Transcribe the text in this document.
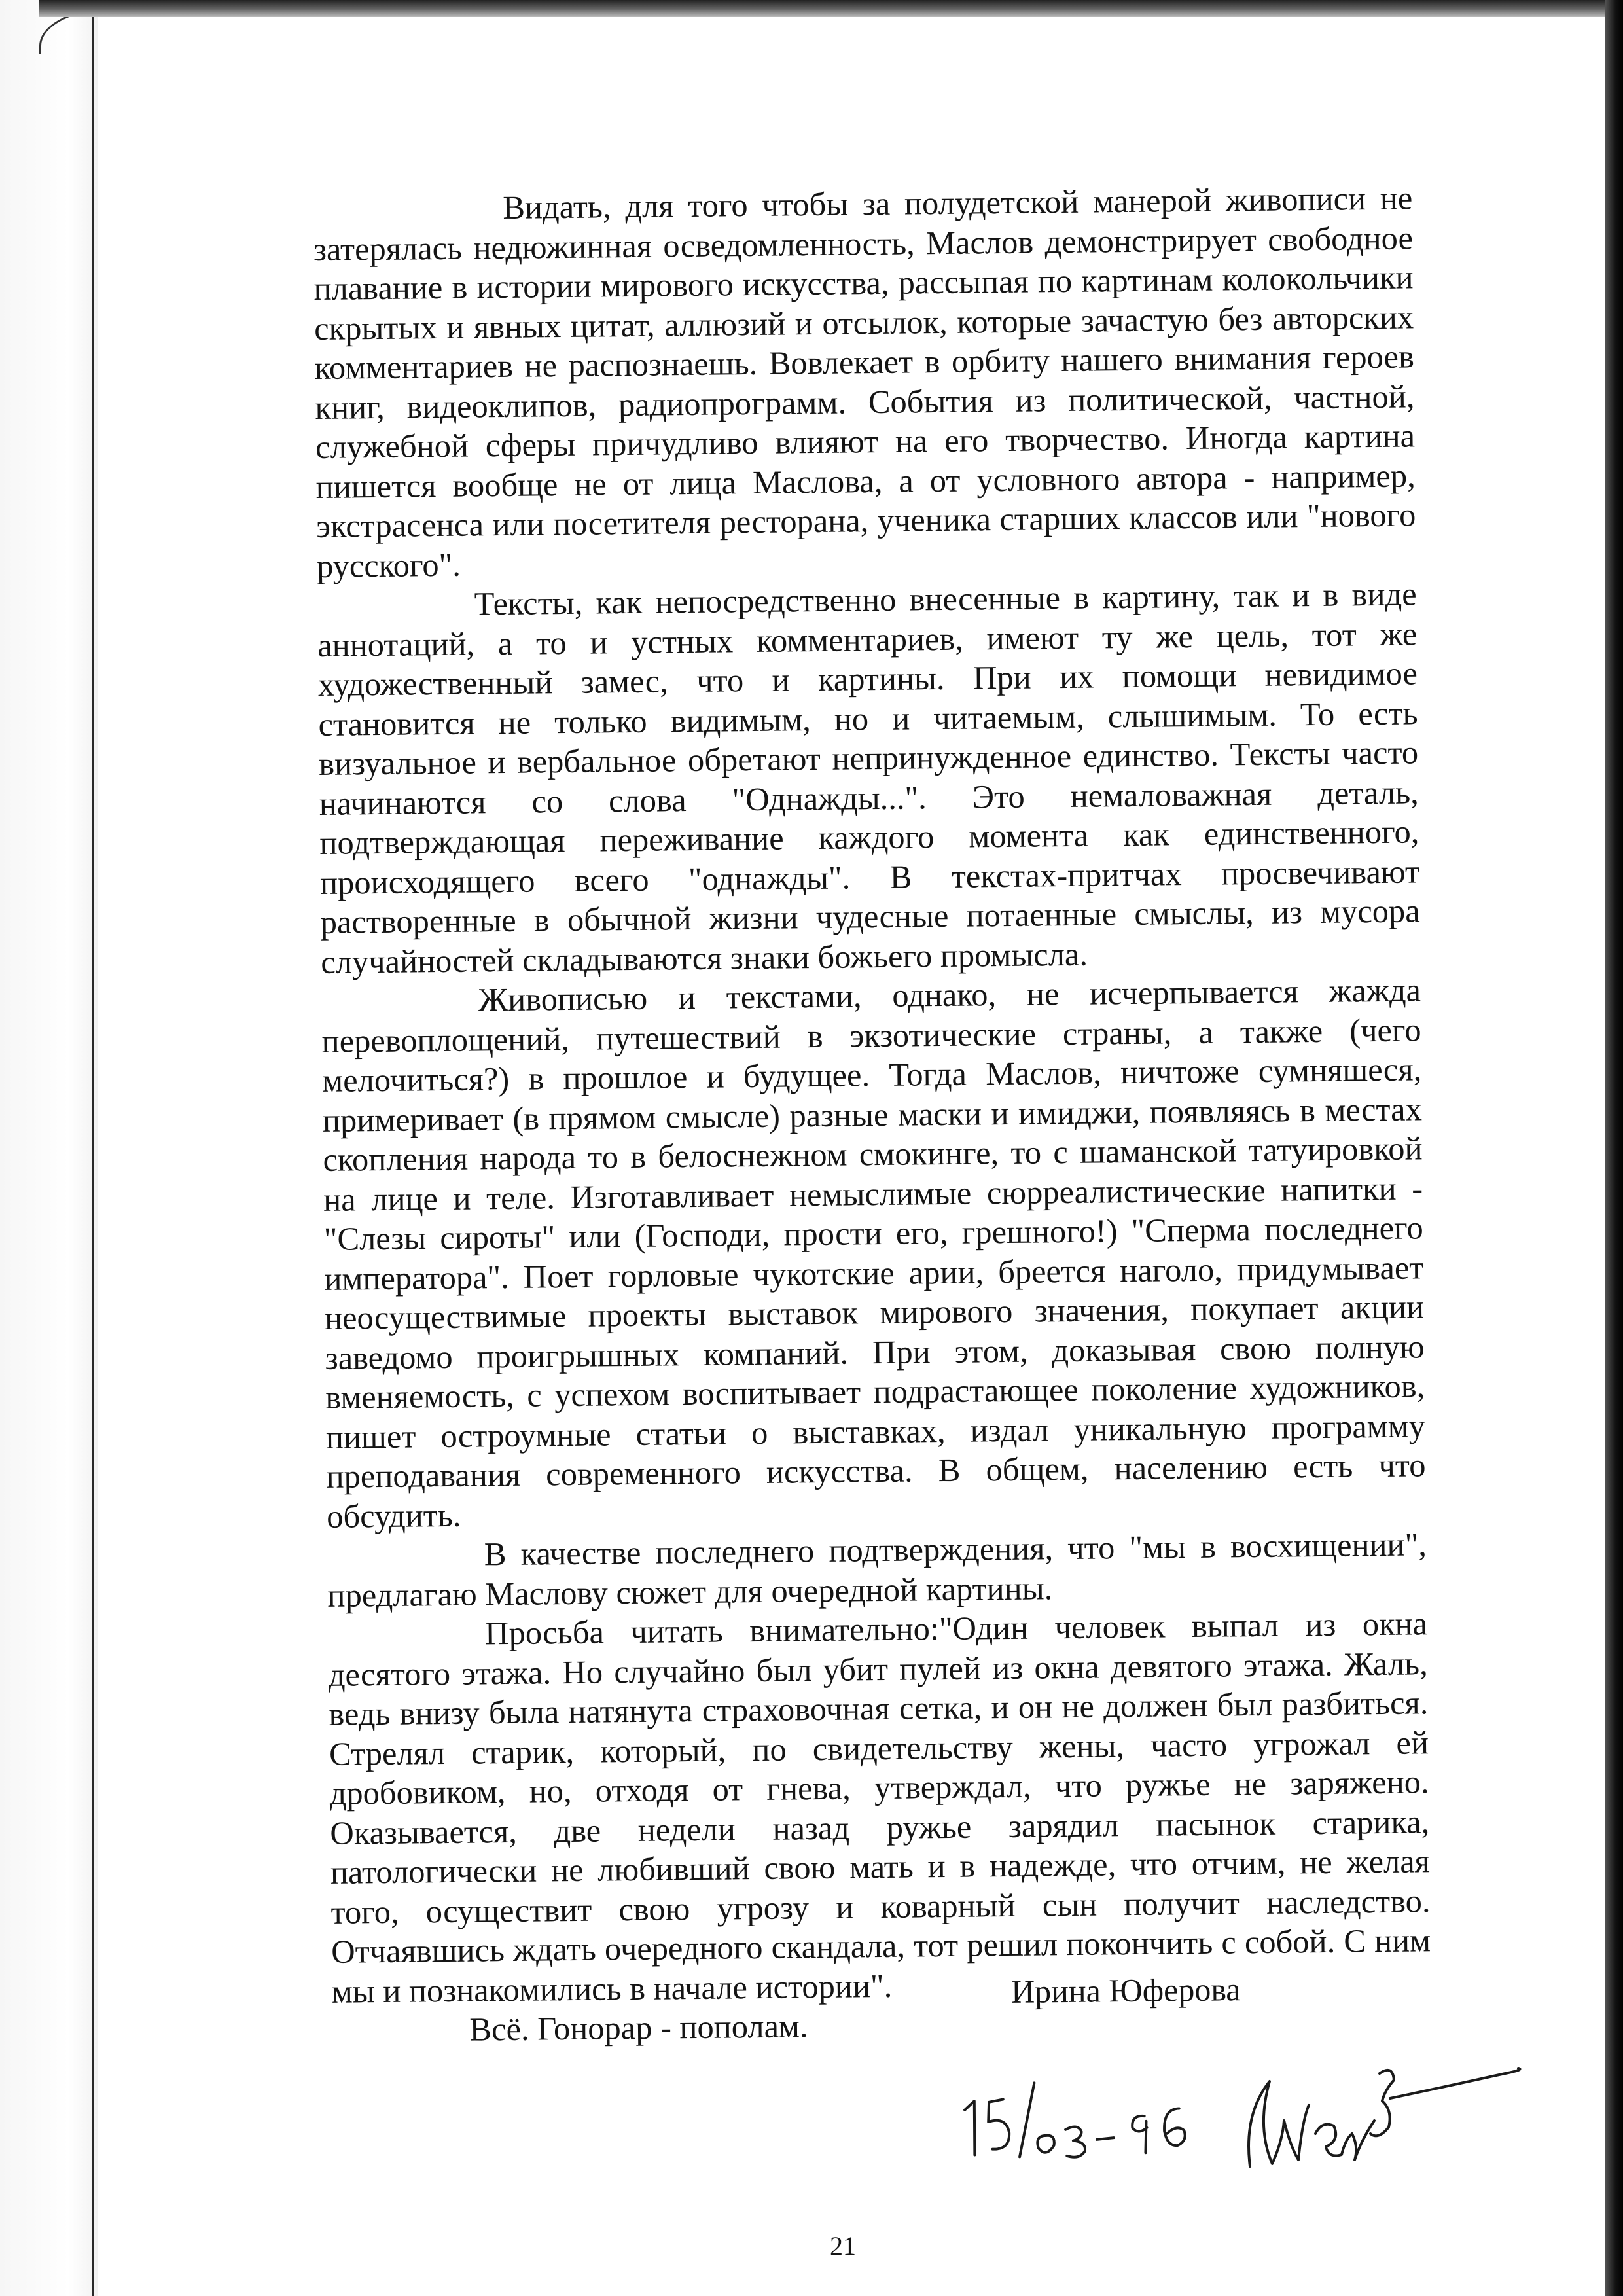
Видать, для того чтобы за полудетской манерой живописи не затерялась недюжинная осведомленность, Маслов демонстрирует свободное плавание в истории мирового искусства, рассыпая по картинам колокольчики скрытых и явных цитат, аллюзий и отсылок, которые зачастую без авторских комментариев не распознаешь. Вовлекает в орбиту нашего внимания героев книг, видеоклипов, радиопрограмм. События из политической, частной, служебной сферы причудливо влияют на его творчество. Иногда картина пишется вообще не от лица Маслова, а от условного автора - например, экстрасенса или посетителя ресторана, ученика старших классов или "нового русского".

Тексты, как непосредственно внесенные в картину, так и в виде аннотаций, а то и устных комментариев, имеют ту же цель, тот же художественный замес, что и картины. При их помощи невидимое становится не только видимым, но и читаемым, слышимым. То есть визуальное и вербальное обретают непринужденное единство. Тексты часто начинаются со слова "Однажды...". Это немаловажная деталь, подтверждающая переживание каждого момента как единственного, происходящего всего "однажды". В текстах-притчах просвечивают растворенные в обычной жизни чудесные потаенные смыслы, из мусора случайностей складываются знаки божьего промысла.

Живописью и текстами, однако, не исчерпывается жажда перевоплощений, путешествий в экзотические страны, а также (чего мелочиться?) в прошлое и будущее. Тогда Маслов, ничтоже сумняшеся, примеривает (в прямом смысле) разные маски и имиджи, появляясь в местах скопления народа то в белоснежном смокинге, то с шаманской татуировкой на лице и теле. Изготавливает немыслимые сюрреалистические напитки - "Слезы сироты" или (Господи, прости его, грешного!) "Сперма последнего императора". Поет горловые чукотские арии, бреется наголо, придумывает неосуществимые проекты выставок мирового значения, покупает акции заведомо проигрышных компаний. При этом, доказывая свою полную вменяемость, с успехом воспитывает подрастающее поколение художников, пишет остроумные статьи о выставках, издал уникальную программу преподавания современного искусства. В общем, населению есть что обсудить.

В качестве последнего подтверждения, что "мы в восхищении", предлагаю Маслову сюжет для очередной картины.

Просьба читать внимательно:"Один человек выпал из окна десятого этажа. Но случайно был убит пулей из окна девятого этажа. Жаль, ведь внизу была натянута страховочная сетка, и он не должен был разбиться. Стрелял старик, который, по свидетельству жены, часто угрожал ей дробовиком, но, отходя от гнева, утверждал, что ружье не заряжено. Оказывается, две недели назад ружье зарядил пасынок старика, патологически не любивший свою мать и в надежде, что отчим, не желая того, осуществит свою угрозу и коварный сын получит наследство. Отчаявшись ждать очередного скандала, тот решил покончить с собой. С ним мы и познакомились в начале истории".

Всё. Гонорар - пополам.

Ирина Юферова
21
